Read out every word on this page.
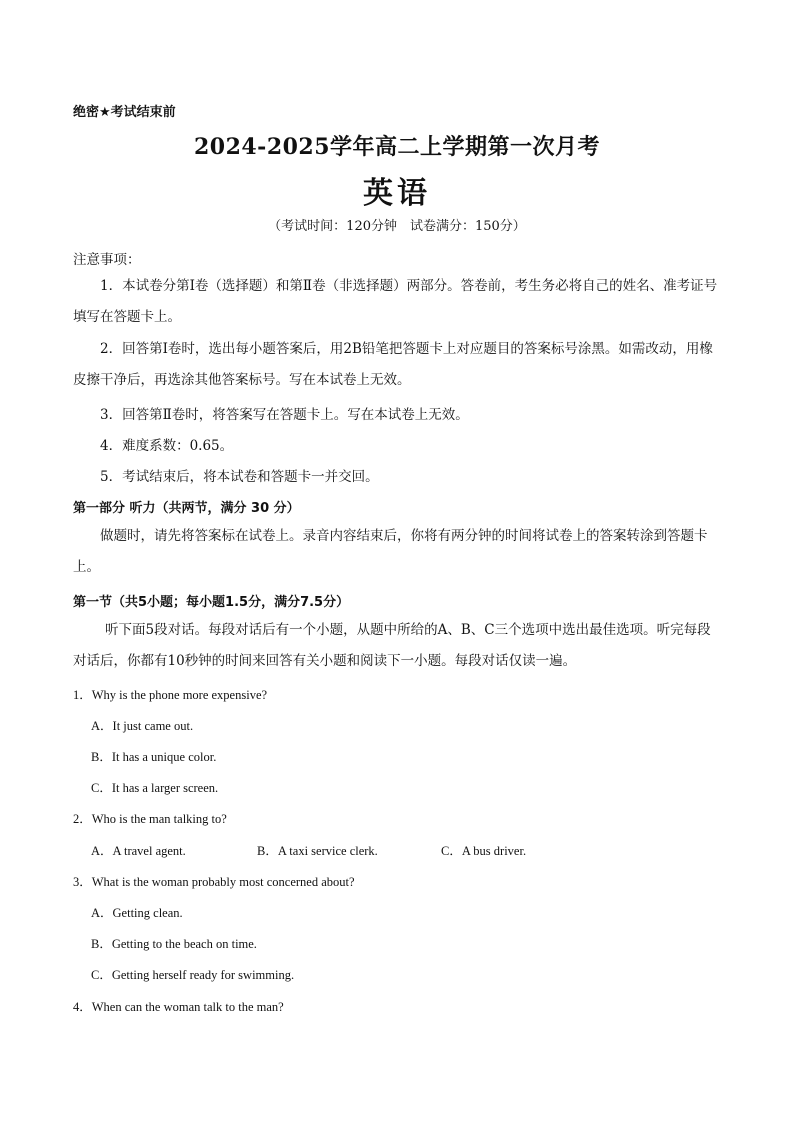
绝密★考试结束前
2024-2025学年高二上学期第一次月考
英语
（考试时间：120分钟　试卷满分：150分）
注意事项：
1．本试卷分第Ⅰ卷（选择题）和第Ⅱ卷（非选择题）两部分。答卷前，考生务必将自己的姓名、准考证号填写在答题卡上。
2．回答第Ⅰ卷时，选出每小题答案后，用2B铅笔把答题卡上对应题目的答案标号涂黑。如需改动，用橡皮擦干净后，再选涂其他答案标号。写在本试卷上无效。
3．回答第Ⅱ卷时，将答案写在答题卡上。写在本试卷上无效。
4．难度系数：0.65。
5．考试结束后，将本试卷和答题卡一并交回。
第一部分 听力（共两节，满分 30 分）
做题时，请先将答案标在试卷上。录音内容结束后，你将有两分钟的时间将试卷上的答案转涂到答题卡上。
第一节（共5小题；每小题1.5分，满分7.5分）
听下面5段对话。每段对话后有一个小题，从题中所给的A、B、C三个选项中选出最佳选项。听完每段对话后，你都有10秒钟的时间来回答有关小题和阅读下一小题。每段对话仅读一遍。
1．Why is the phone more expensive?
A．It just came out.
B．It has a unique color.
C．It has a larger screen.
2．Who is the man talking to?
A．A travel agent.	B．A taxi service clerk.	C．A bus driver.
3．What is the woman probably most concerned about?
A．Getting clean.
B．Getting to the beach on time.
C．Getting herself ready for swimming.
4．When can the woman talk to the man?
